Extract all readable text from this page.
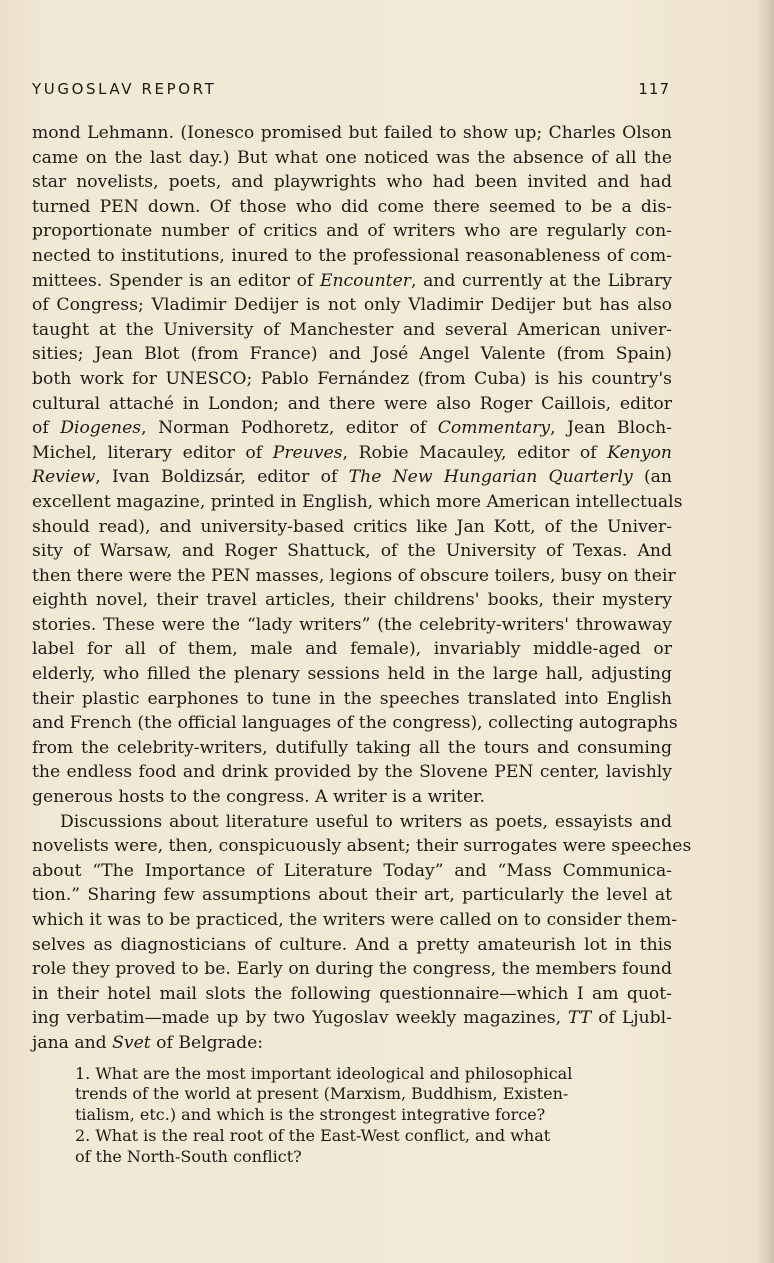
YUGOSLAV REPORT	117
mond Lehmann. (Ionesco promised but failed to show up; Charles Olson
came on the last day.) But what one noticed was the absence of all the
star novelists, poets, and playwrights who had been invited and had
turned PEN down. Of those who did come there seemed to be a dis-
proportionate number of critics and of writers who are regularly con-
nected to institutions, inured to the professional reasonableness of com-
mittees. Spender is an editor of Encounter, and currently at the Library
of Congress; Vladimir Dedijer is not only Vladimir Dedijer but has also
taught at the University of Manchester and several American univer-
sities; Jean Blot (from France) and José Angel Valente (from Spain)
both work for UNESCO; Pablo Fernández (from Cuba) is his country's
cultural attaché in London; and there were also Roger Caillois, editor
of Diogenes, Norman Podhoretz, editor of Commentary, Jean Bloch-
Michel, literary editor of Preuves, Robie Macauley, editor of Kenyon
Review, Ivan Boldizsár, editor of The New Hungarian Quarterly (an
excellent magazine, printed in English, which more American intellectuals
should read), and university-based critics like Jan Kott, of the Univer-
sity of Warsaw, and Roger Shattuck, of the University of Texas. And
then there were the PEN masses, legions of obscure toilers, busy on their
eighth novel, their travel articles, their childrens' books, their mystery
stories. These were the “lady writers” (the celebrity-writers' throwaway
label for all of them, male and female), invariably middle-aged or
elderly, who filled the plenary sessions held in the large hall, adjusting
their plastic earphones to tune in the speeches translated into English
and French (the official languages of the congress), collecting autographs
from the celebrity-writers, dutifully taking all the tours and consuming
the endless food and drink provided by the Slovene PEN center, lavishly
generous hosts to the congress. A writer is a writer.
Discussions about literature useful to writers as poets, essayists and
novelists were, then, conspicuously absent; their surrogates were speeches
about “The Importance of Literature Today” and “Mass Communica-
tion.” Sharing few assumptions about their art, particularly the level at
which it was to be practiced, the writers were called on to consider them-
selves as diagnosticians of culture. And a pretty amateurish lot in this
role they proved to be. Early on during the congress, the members found
in their hotel mail slots the following questionnaire—which I am quot-
ing verbatim—made up by two Yugoslav weekly magazines, TT of Ljubl-
jana and Svet of Belgrade:
1. What are the most important ideological and philosophical
trends of the world at present (Marxism, Buddhism, Existen-
tialism, etc.) and which is the strongest integrative force?
2. What is the real root of the East-West conflict, and what
of the North-South conflict?
